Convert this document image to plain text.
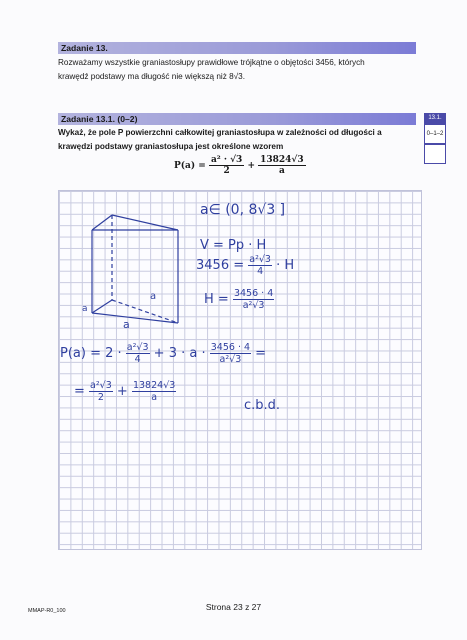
Zadanie 13.
Rozważamy wszystkie graniastosłupy prawidłowe trójkątne o objętości 3456, których
krawędź podstawy ma długość nie większą niż 8√3.
Zadanie 13.1. (0–2)
Wykaż, że pole P powierzchni całkowitej graniastosłupa w zależności od długości a
krawędzi podstawy graniastosłupa jest określone wzorem
$P(a) = \frac{\text{a² · √3}}{2} + \frac{13824√3}{a}$
13.1.
0–1–2
a
a
a
a∈ (0, 8√3 ]
V = Pp · H
$3456 = \frac{\text{a²√3}}{4} \cdot H$
$H = \frac{3456 \cdot 4}{\text{a²√3}}$
$P(a) = 2 \cdot \frac{\text{a²√3}}{4} + 3 \cdot a \cdot \frac{3456 \cdot 4}{\text{a²√3}}$ =
= $\frac{\text{a²√3}}{2} + \frac{13824√3}{a}$
c.b.d.
Strona 23 z 27
MMAP-R0_100
